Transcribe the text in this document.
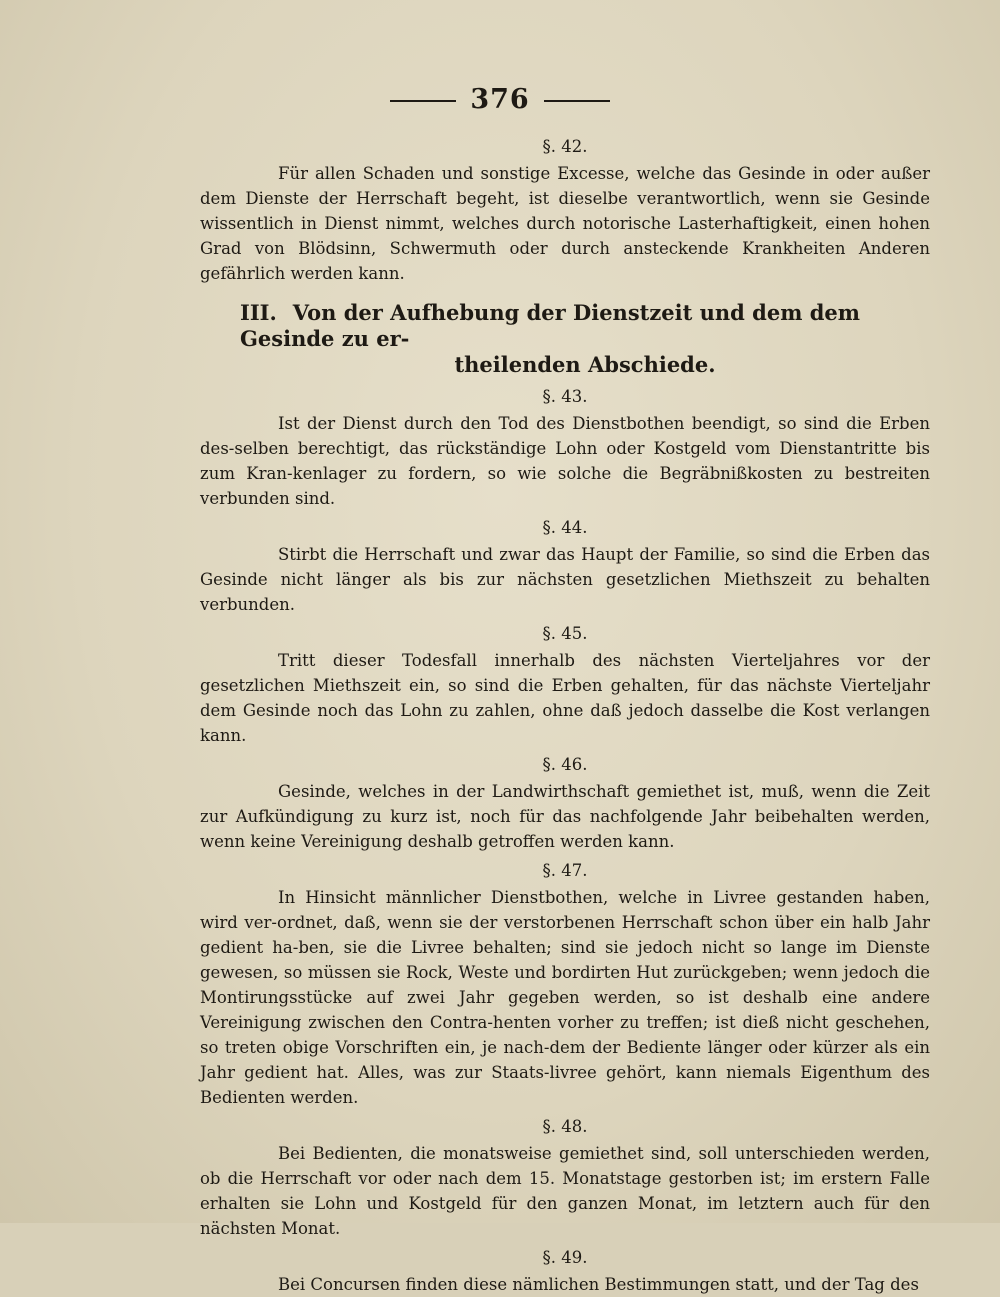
376
§. 42.

Für allen Schaden und sonstige Excesse, welche das Gesinde in oder außer dem Dienste der Herrschaft begeht, ist dieselbe verantwortlich, wenn sie Gesinde wissentlich in Dienst nimmt, welches durch notorische Lasterhaftigkeit, einen hohen Grad von Blödsinn, Schwermuth oder durch ansteckende Krankheiten Anderen gefährlich werden kann.

III. Von der Aufhebung der Dienstzeit und dem dem Gesinde zu er-
theilenden Abschiede.
§. 43.

Ist der Dienst durch den Tod des Dienstbothen beendigt, so sind die Erben des-selben berechtigt, das rückständige Lohn oder Kostgeld vom Dienstantritte bis zum Kran-kenlager zu fordern, so wie solche die Begräbnißkosten zu bestreiten verbunden sind.

§. 44.

Stirbt die Herrschaft und zwar das Haupt der Familie, so sind die Erben das Gesinde nicht länger als bis zur nächsten gesetzlichen Miethszeit zu behalten verbunden.

§. 45.

Tritt dieser Todesfall innerhalb des nächsten Vierteljahres vor der gesetzlichen Miethszeit ein, so sind die Erben gehalten, für das nächste Vierteljahr dem Gesinde noch das Lohn zu zahlen, ohne daß jedoch dasselbe die Kost verlangen kann.

§. 46.

Gesinde, welches in der Landwirthschaft gemiethet ist, muß, wenn die Zeit zur Aufkündigung zu kurz ist, noch für das nachfolgende Jahr beibehalten werden, wenn keine Vereinigung deshalb getroffen werden kann.

§. 47.

In Hinsicht männlicher Dienstbothen, welche in Livree gestanden haben, wird ver-ordnet, daß, wenn sie der verstorbenen Herrschaft schon über ein halb Jahr gedient ha-ben, sie die Livree behalten; sind sie jedoch nicht so lange im Dienste gewesen, so müssen sie Rock, Weste und bordirten Hut zurückgeben; wenn jedoch die Montirungsstücke auf zwei Jahr gegeben werden, so ist deshalb eine andere Vereinigung zwischen den Contra-henten vorher zu treffen; ist dieß nicht geschehen, so treten obige Vorschriften ein, je nach-dem der Bediente länger oder kürzer als ein Jahr gedient hat. Alles, was zur Staats-livree gehört, kann niemals Eigenthum des Bedienten werden.

§. 48.

Bei Bedienten, die monatsweise gemiethet sind, soll unterschieden werden, ob die Herrschaft vor oder nach dem 15. Monatstage gestorben ist; im erstern Falle erhalten sie Lohn und Kostgeld für den ganzen Monat, im letztern auch für den nächsten Monat.

§. 49.

Bei Concursen finden diese nämlichen Bestimmungen statt, und der Tag des
